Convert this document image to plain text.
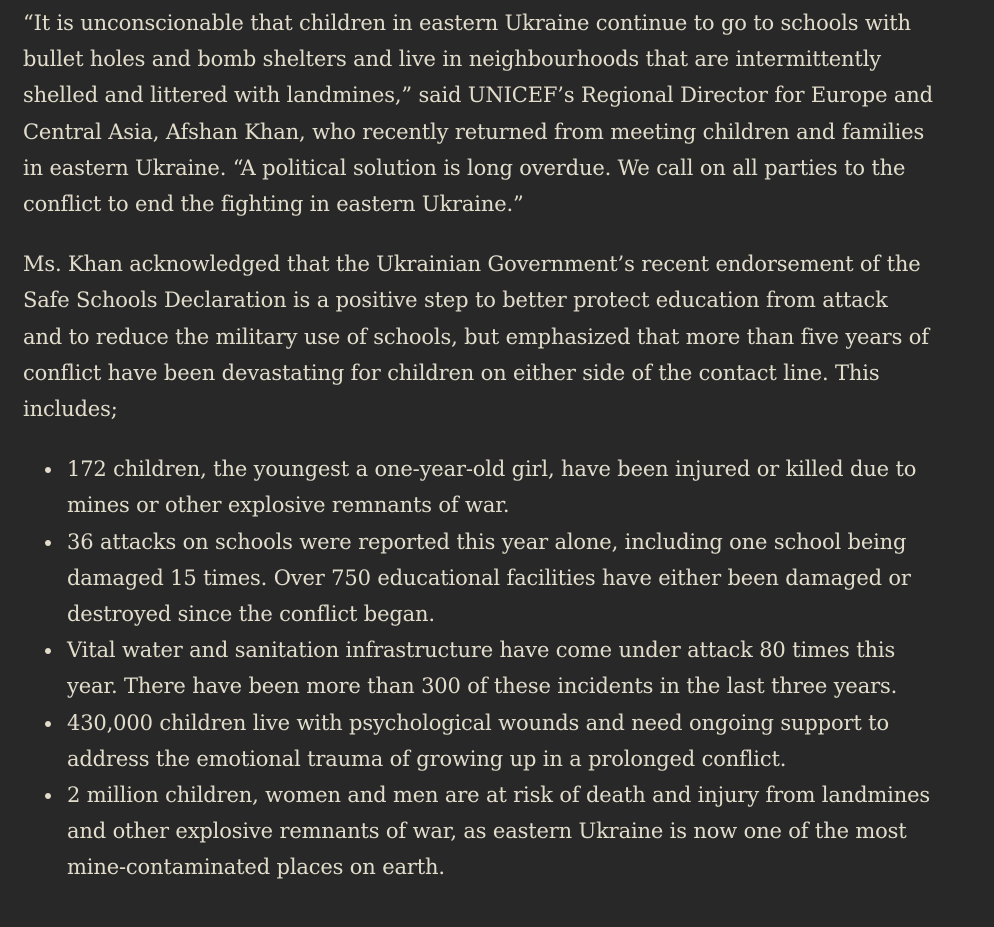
“It is unconscionable that children in eastern Ukraine continue to go to schools with bullet holes and bomb shelters and live in neighbourhoods that are intermittently shelled and littered with landmines,” said UNICEF’s Regional Director for Europe and Central Asia, Afshan Khan, who recently returned from meeting children and families in eastern Ukraine. “A political solution is long overdue. We call on all parties to the conflict to end the fighting in eastern Ukraine.”

Ms. Khan acknowledged that the Ukrainian Government’s recent endorsement of the Safe Schools Declaration is a positive step to better protect education from attack and to reduce the military use of schools, but emphasized that more than five years of conflict have been devastating for children on either side of the contact line. This includes;

172 children, the youngest a one-year-old girl, have been injured or killed due to mines or other explosive remnants of war.
36 attacks on schools were reported this year alone, including one school being damaged 15 times. Over 750 educational facilities have either been damaged or destroyed since the conflict began.
Vital water and sanitation infrastructure have come under attack 80 times this year. There have been more than 300 of these incidents in the last three years.
430,000 children live with psychological wounds and need ongoing support to address the emotional trauma of growing up in a prolonged conflict.
2 million children, women and men are at risk of death and injury from landmines and other explosive remnants of war, as eastern Ukraine is now one of the most mine-contaminated places on earth.
